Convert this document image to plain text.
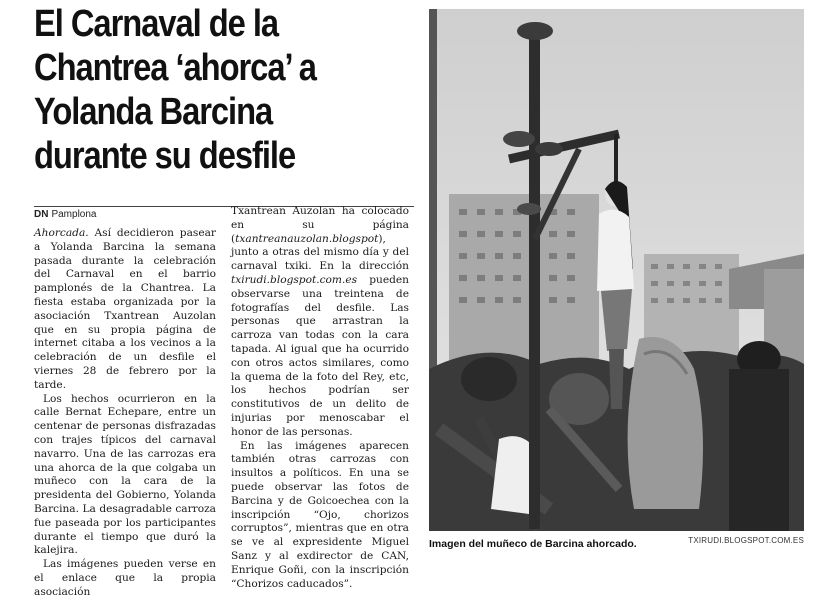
El Carnaval de la
Chantrea ‘ahorca’ a
Yolanda Barcina
durante su desfile
DN Pamplona

Ahorcada. Así decidieron pasear a Yolanda Barcina la semana pasada durante la celebración del Carnaval en el barrio pamplonés de la Chantrea. La fiesta estaba organizada por la asociación Txantrean Auzolan que en su propia página de internet citaba a los vecinos a la celebración de un desfile el viernes 28 de febrero por la tarde.

Los hechos ocurrieron en la calle Bernat Echepare, entre un centenar de personas disfrazadas con trajes típicos del carnaval navarro. Una de las carrozas era una ahorca de la que colgaba un muñeco con la cara de la presidenta del Gobierno, Yolanda Barcina. La desagradable carroza fue paseada por los participantes durante el tiempo que duró la kalejira.

Las imágenes pueden verse en el enlace que la propia asociación

Txantrean Auzolan ha colocado en su página (txantreanauzolan.blogspot), junto a otras del mismo día y del carnaval txiki. En la dirección txirudi.blogspot.com.es pueden observarse una treintena de fotografías del desfile. Las personas que arrastran la carroza van todas con la cara tapada. Al igual que ha ocurrido con otros actos similares, como la quema de la foto del Rey, etc, los hechos podrían ser constitutivos de un delito de injurias por menoscabar el honor de las personas.

En las imágenes aparecen también otras carrozas con insultos a políticos. En una se puede observar las fotos de Barcina y de Goicoechea con la inscripción “Ojo, chorizos corruptos”, mientras que en otra se ve al expresidente Miguel Sanz y al exdirector de CAN, Enrique Goñi, con la inscripción “Chorizos caducados”.

Imagen del muñeco de Barcina ahorcado.	TXIRUDI.BLOGSPOT.COM.ES
